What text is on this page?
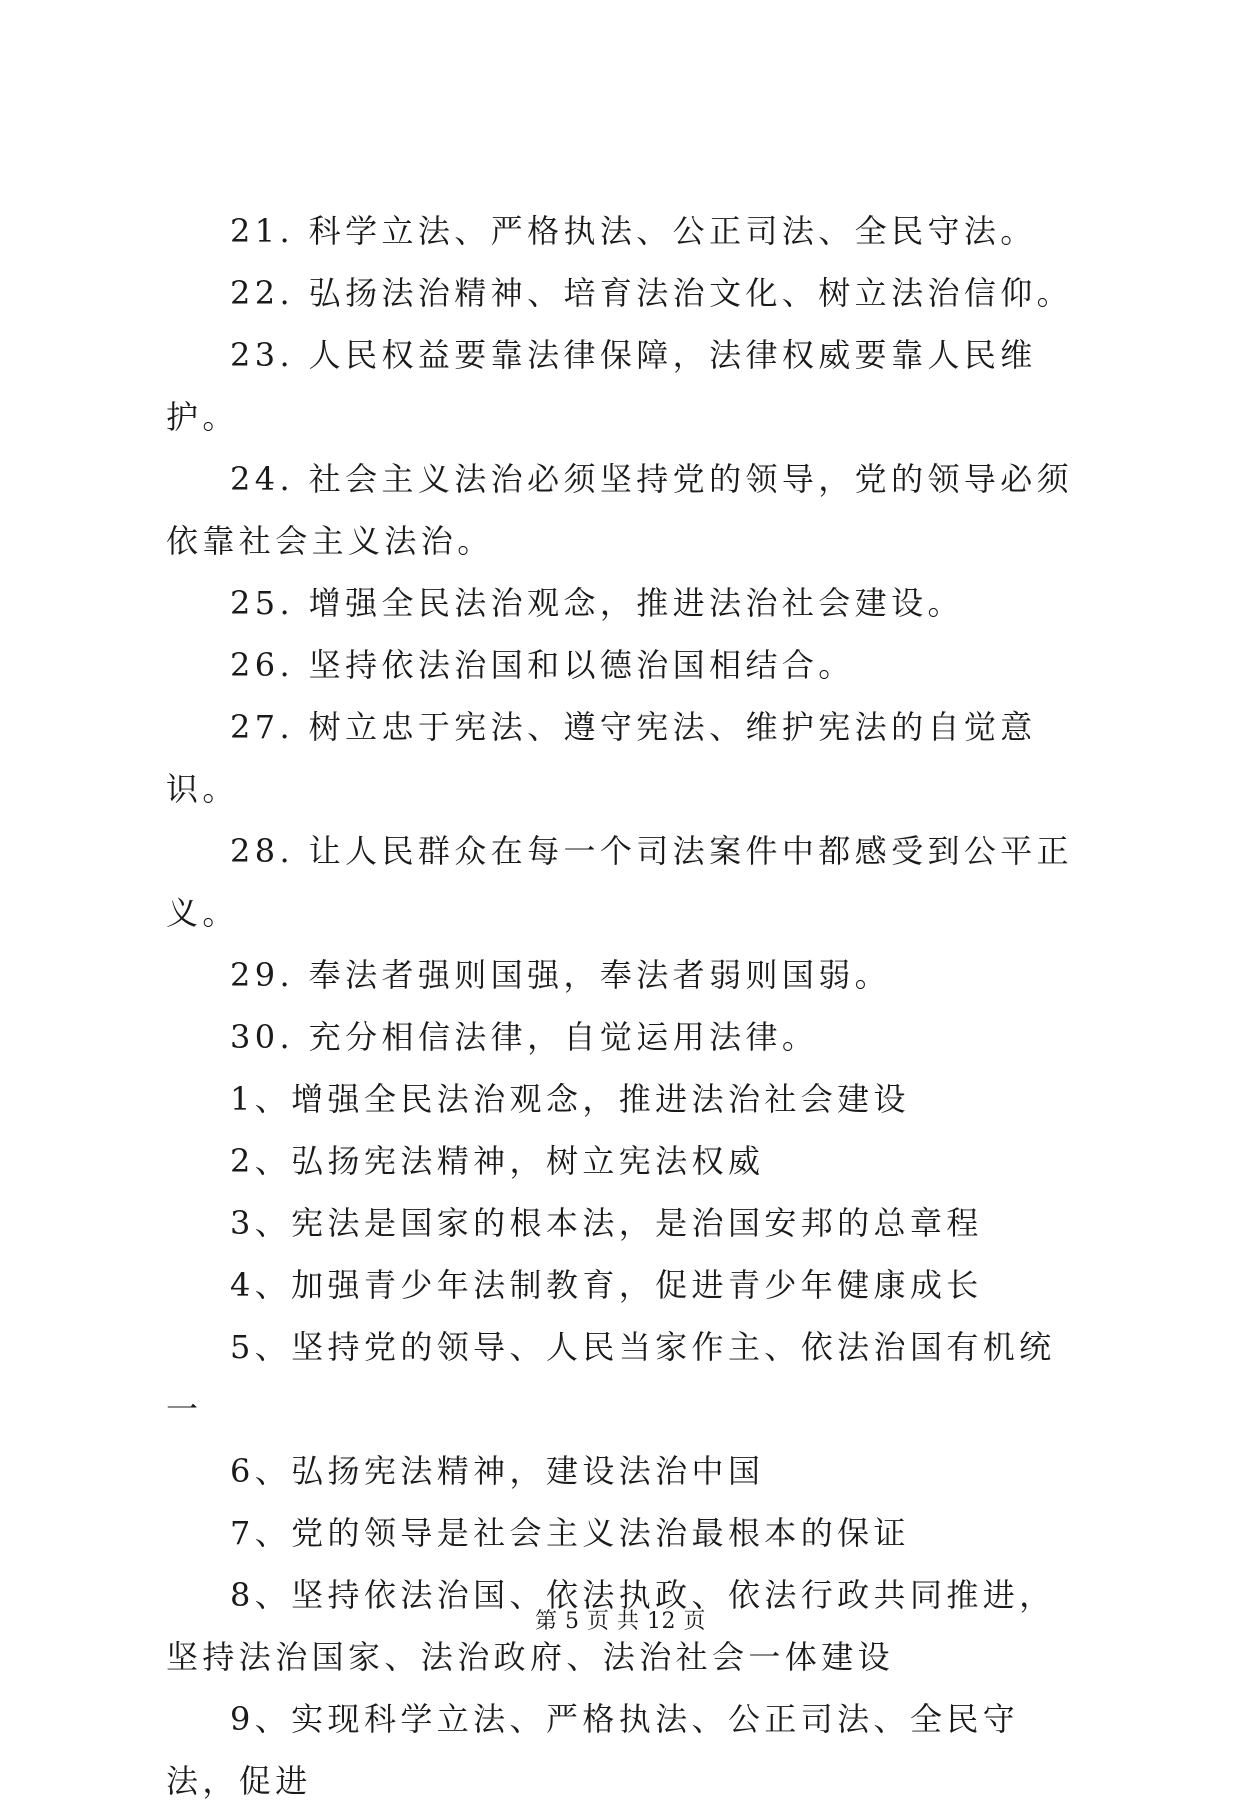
21. 科学立法、严格执法、公正司法、全民守法。

22. 弘扬法治精神、培育法治文化、树立法治信仰。

23. 人民权益要靠法律保障，法律权威要靠人民维护。

24. 社会主义法治必须坚持党的领导，党的领导必须依靠社会主义法治。

25. 增强全民法治观念，推进法治社会建设。

26. 坚持依法治国和以德治国相结合。

27. 树立忠于宪法、遵守宪法、维护宪法的自觉意识。

28. 让人民群众在每一个司法案件中都感受到公平正义。

29. 奉法者强则国强，奉法者弱则国弱。

30. 充分相信法律，自觉运用法律。

1、增强全民法治观念，推进法治社会建设

2、弘扬宪法精神，树立宪法权威

3、宪法是国家的根本法，是治国安邦的总章程

4、加强青少年法制教育，促进青少年健康成长

5、坚持党的领导、人民当家作主、依法治国有机统一

6、弘扬宪法精神，建设法治中国

7、党的领导是社会主义法治最根本的保证

8、坚持依法治国、依法执政、依法行政共同推进，坚持法治国家、法治政府、法治社会一体建设

9、实现科学立法、严格执法、公正司法、全民守法，促进

第 5 页 共 12 页
